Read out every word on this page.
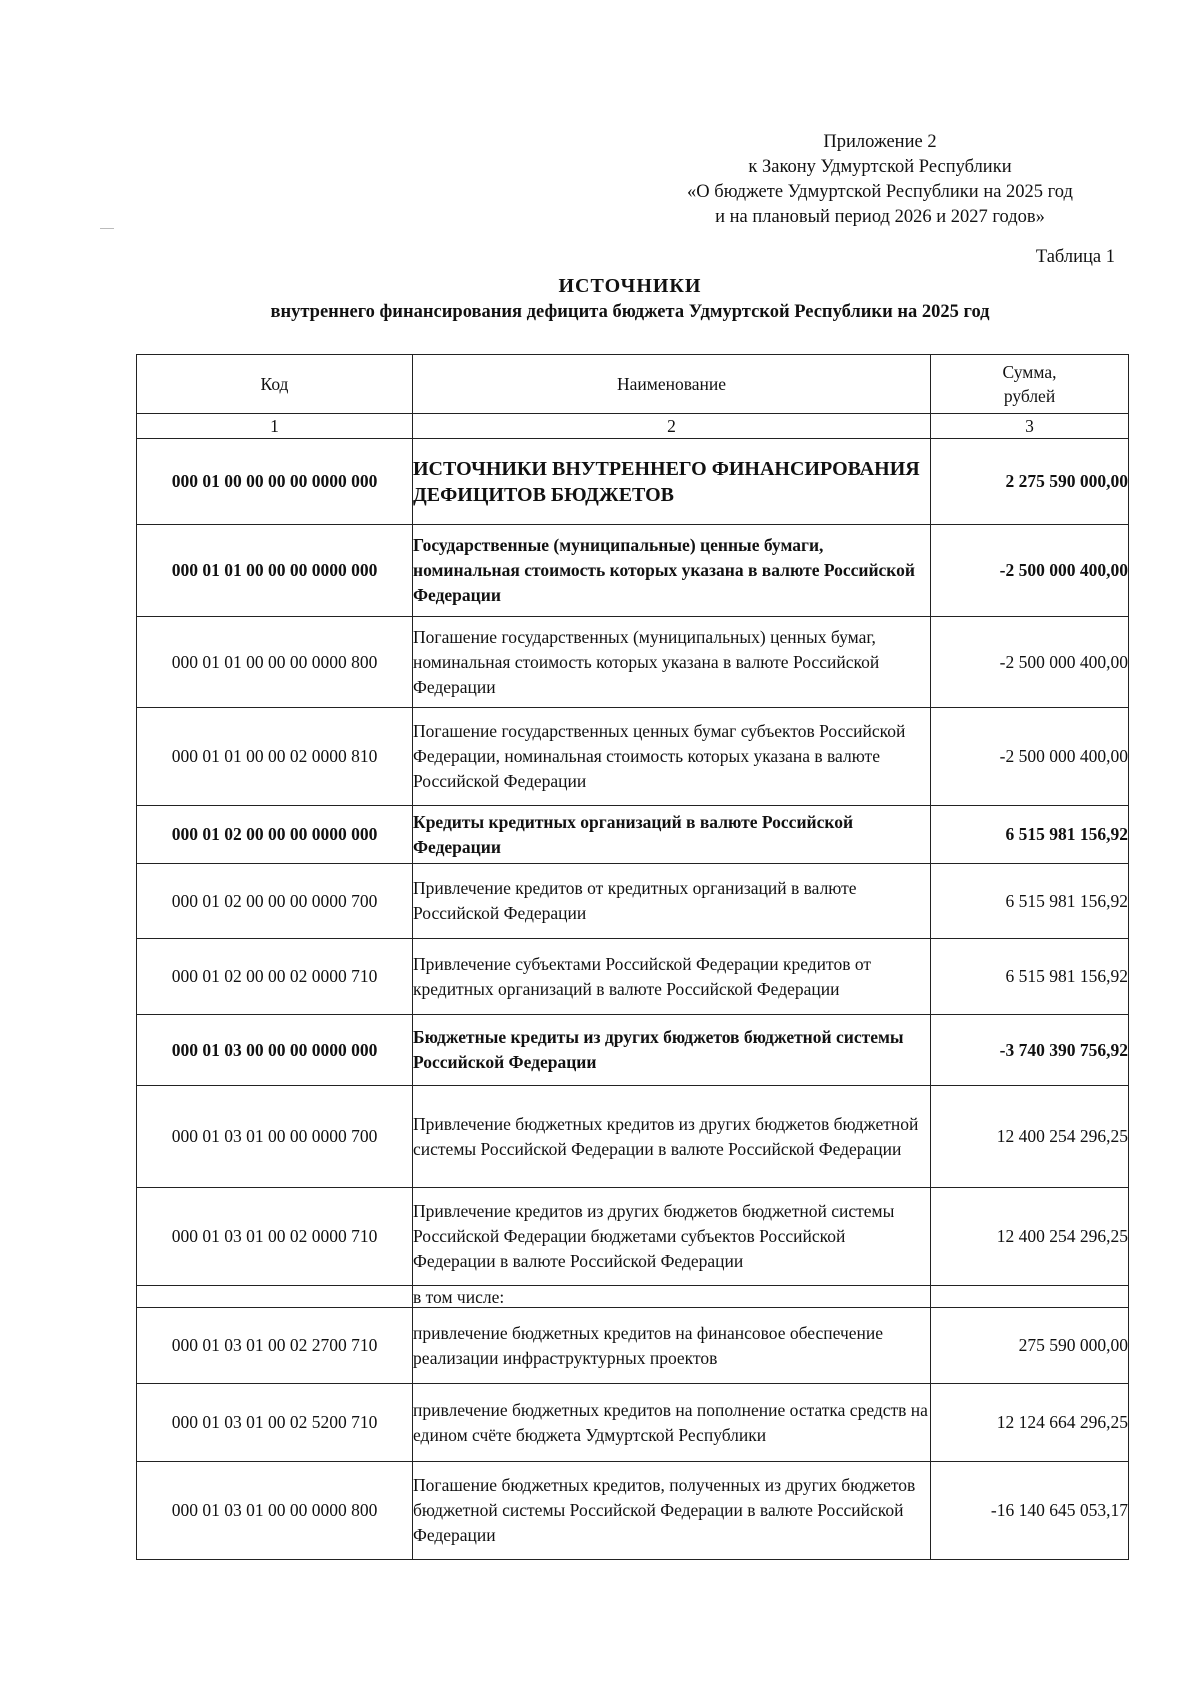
Приложение 2
к Закону Удмуртской Республики
«О бюджете Удмуртской Республики на 2025 год
и на плановый период 2026 и 2027 годов»
Таблица 1
ИСТОЧНИКИ
внутреннего финансирования дефицита бюджета Удмуртской Республики на 2025 год
Код	Наименование	Сумма,
рублей

1	2	3
000 01 00 00 00 00 0000 000	ИСТОЧНИКИ ВНУТРЕННЕГО ФИНАНСИРОВАНИЯ ДЕФИЦИТОВ БЮДЖЕТОВ	2 275 590 000,00
000 01 01 00 00 00 0000 000	Государственные (муниципальные) ценные бумаги, номинальная стоимость которых указана в валюте Российской Федерации	-2 500 000 400,00
000 01 01 00 00 00 0000 800	Погашение государственных (муниципальных) ценных бумаг, номинальная стоимость которых указана в валюте Российской Федерации	-2 500 000 400,00
000 01 01 00 00 02 0000 810	Погашение государственных ценных бумаг субъектов Российской Федерации, номинальная стоимость которых указана в валюте Российской Федерации	-2 500 000 400,00
000 01 02 00 00 00 0000 000	Кредиты кредитных организаций в валюте Российской Федерации	6 515 981 156,92
000 01 02 00 00 00 0000 700	Привлечение кредитов от кредитных организаций в валюте Российской Федерации	6 515 981 156,92
000 01 02 00 00 02 0000 710	Привлечение субъектами Российской Федерации кредитов от кредитных организаций в валюте Российской Федерации	6 515 981 156,92
000 01 03 00 00 00 0000 000	Бюджетные кредиты из других бюджетов бюджетной системы Российской Федерации	-3 740 390 756,92
000 01 03 01 00 00 0000 700	Привлечение бюджетных кредитов из других бюджетов бюджетной системы Российской Федерации в валюте Российской Федерации	12 400 254 296,25
000 01 03 01 00 02 0000 710	Привлечение кредитов из других бюджетов бюджетной системы Российской Федерации бюджетами субъектов Российской Федерации в валюте Российской Федерации	12 400 254 296,25
	в том числе:	
000 01 03 01 00 02 2700 710	привлечение бюджетных кредитов на финансовое обеспечение реализации инфраструктурных проектов	275 590 000,00
000 01 03 01 00 02 5200 710	привлечение бюджетных кредитов на пополнение остатка средств на едином счёте бюджета Удмуртской Республики	12 124 664 296,25
000 01 03 01 00 00 0000 800	Погашение бюджетных кредитов, полученных из других бюджетов бюджетной системы Российской Федерации в валюте Российской Федерации	-16 140 645 053,17
